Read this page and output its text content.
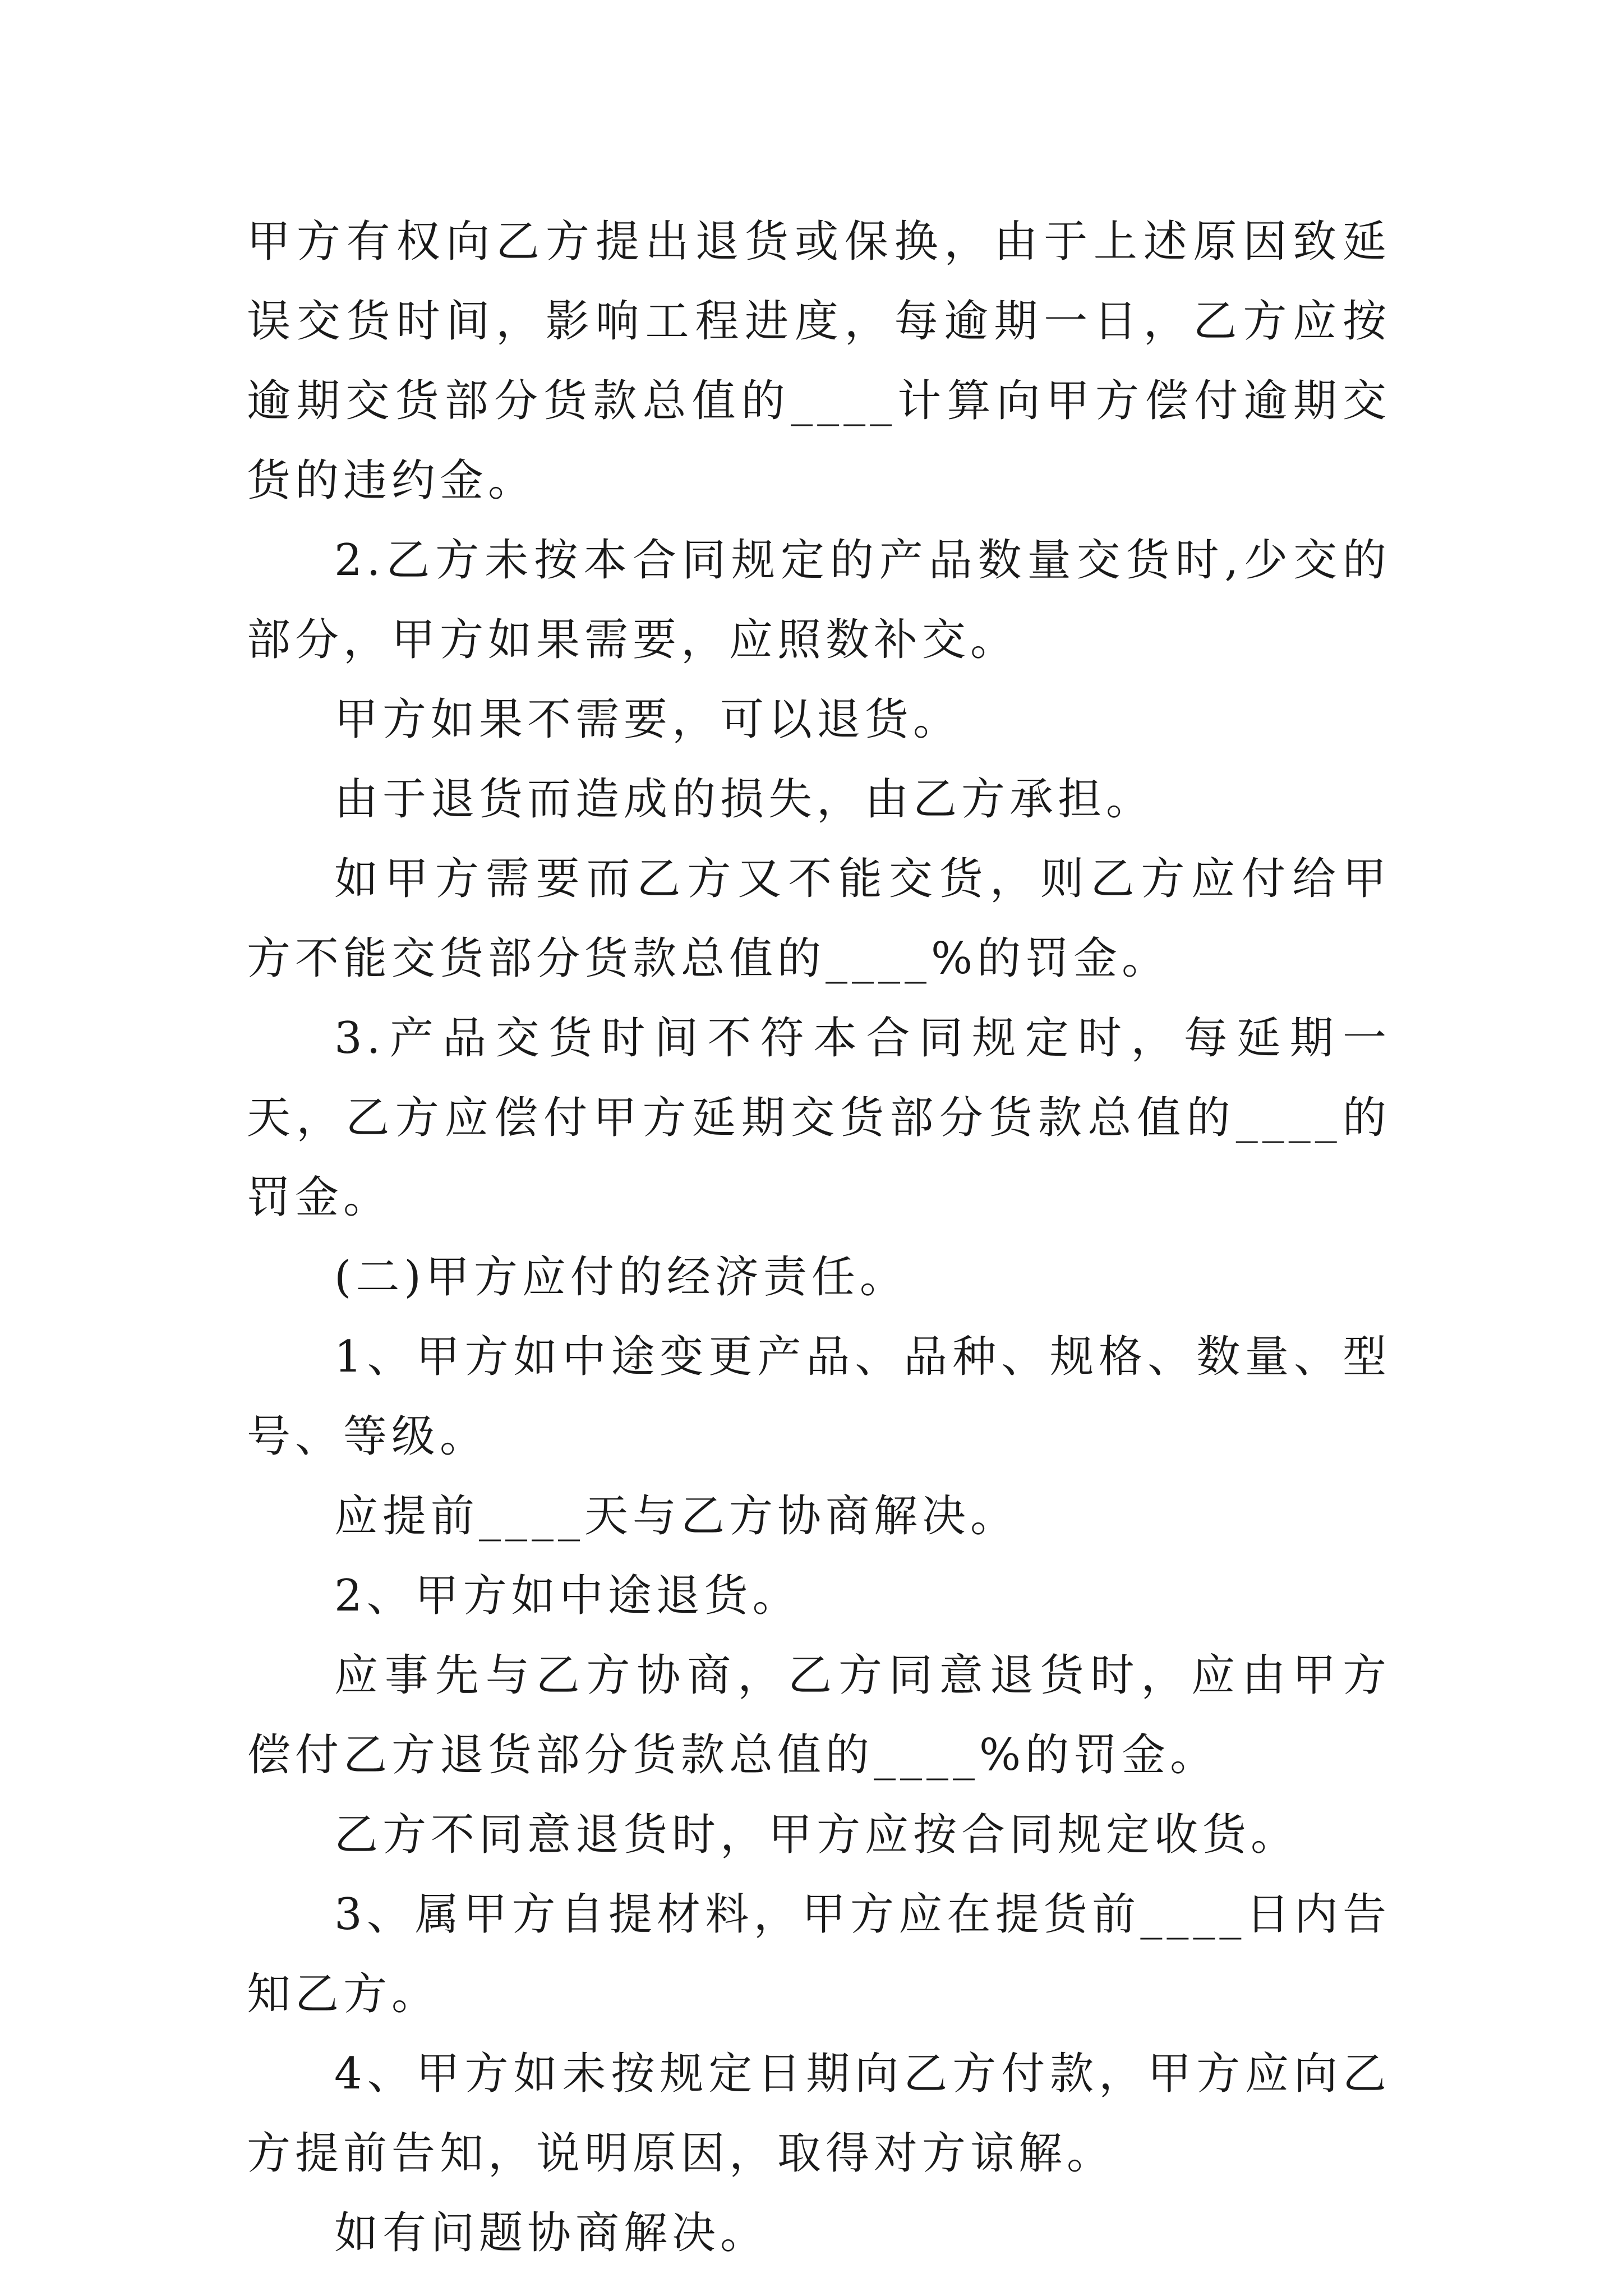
甲方有权向乙方提出退货或保换，由于上述原因致延误交货时间，影响工程进度，每逾期一日，乙方应按逾期交货部分货款总值的____计算向甲方偿付逾期交货的违约金。

2.乙方未按本合同规定的产品数量交货时,少交的部分，甲方如果需要，应照数补交。

甲方如果不需要，可以退货。

由于退货而造成的损失，由乙方承担。

如甲方需要而乙方又不能交货，则乙方应付给甲方不能交货部分货款总值的____%的罚金。

3.产品交货时间不符本合同规定时，每延期一天，乙方应偿付甲方延期交货部分货款总值的____的罚金。

(二)甲方应付的经济责任。

1、甲方如中途变更产品、品种、规格、数量、型号、等级。

应提前____天与乙方协商解决。

2、甲方如中途退货。

应事先与乙方协商，乙方同意退货时，应由甲方偿付乙方退货部分货款总值的____%的罚金。

乙方不同意退货时，甲方应按合同规定收货。

3、属甲方自提材料，甲方应在提货前____日内告知乙方。

4、甲方如未按规定日期向乙方付款，甲方应向乙方提前告知，说明原因，取得对方谅解。

如有问题协商解决。
